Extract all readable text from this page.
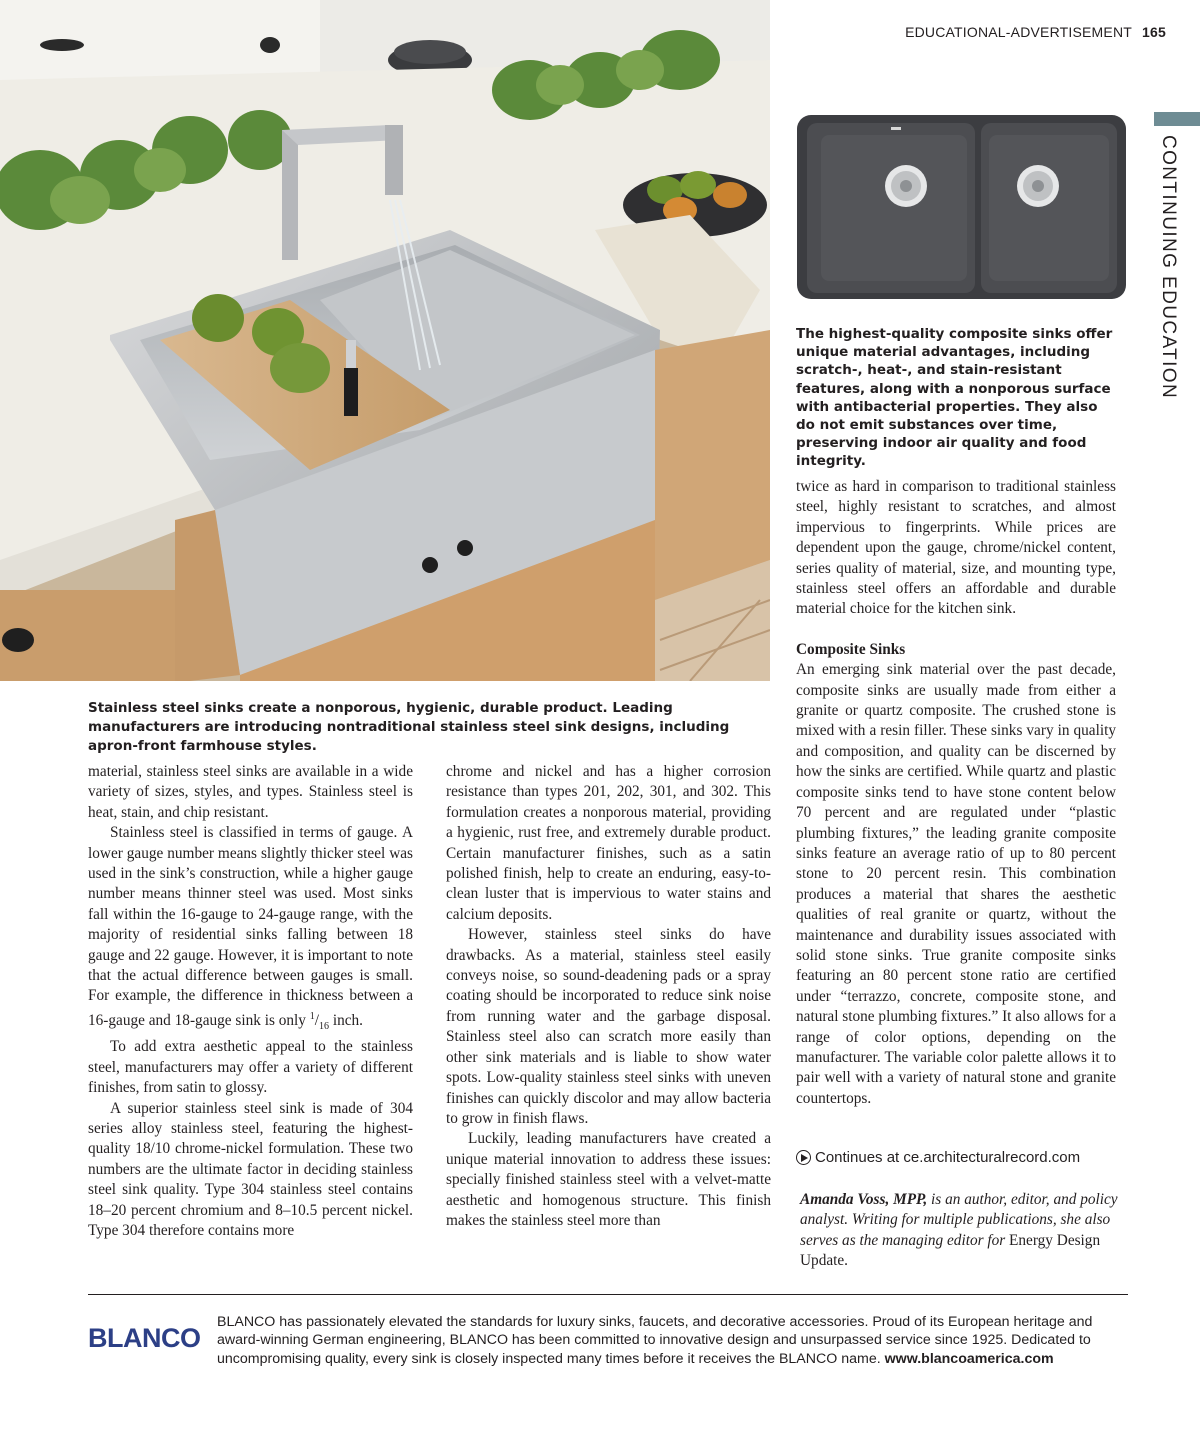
EDUCATIONAL-ADVERTISEMENT 165
CONTINUING EDUCATION
Stainless steel sinks create a nonporous, hygienic, durable product. Leading manufacturers are introducing nontraditional stainless steel sink designs, including apron-front farmhouse styles.
The highest-quality composite sinks offer unique material advantages, including scratch-, heat-, and stain-resistant features, along with a nonporous surface with antibacterial properties. They also do not emit substances over time, preserving indoor air quality and food integrity.

material, stainless steel sinks are available in a wide variety of sizes, styles, and types. Stainless steel is heat, stain, and chip resistant.

Stainless steel is classified in terms of gauge. A lower gauge number means slightly thicker steel was used in the sink’s construction, while a higher gauge number means thinner steel was used. Most sinks fall within the 16-gauge to 24-gauge range, with the majority of residential sinks falling between 18 gauge and 22 gauge. However, it is important to note that the actual difference between gauges is small. For example, the difference in thickness between a 16-gauge and 18-gauge sink is only $^1/_{16}$ inch.

To add extra aesthetic appeal to the stainless steel, manufacturers may offer a variety of different finishes, from satin to glossy.

A superior stainless steel sink is made of 304 series alloy stainless steel, featuring the highest-quality 18/10 chrome-nickel formulation. These two numbers are the ultimate factor in deciding stainless steel sink quality. Type 304 stainless steel contains 18–20 percent chromium and 8–10.5 percent nickel. Type 304 therefore contains more

chrome and nickel and has a higher corrosion resistance than types 201, 202, 301, and 302. This formulation creates a nonporous material, providing a hygienic, rust free, and extremely durable product. Certain manufacturer finishes, such as a satin polished finish, help to create an enduring, easy-to-clean luster that is impervious to water stains and calcium deposits.

However, stainless steel sinks do have drawbacks. As a material, stainless steel easily conveys noise, so sound-deadening pads or a spray coating should be incorporated to reduce sink noise from running water and the garbage disposal. Stainless steel also can scratch more easily than other sink materials and is liable to show water spots. Low-quality stainless steel sinks with uneven finishes can quickly discolor and may allow bacteria to grow in finish flaws.

Luckily, leading manufacturers have created a unique material innovation to address these issues: specially finished stainless steel with a velvet-matte aesthetic and homogenous structure. This finish makes the stainless steel more than

twice as hard in comparison to traditional stainless steel, highly resistant to scratches, and almost impervious to fingerprints. While prices are dependent upon the gauge, chrome/nickel content, series quality of material, size, and mounting type, stainless steel offers an affordable and durable material choice for the kitchen sink.

Composite Sinks

An emerging sink material over the past decade, composite sinks are usually made from either a granite or quartz composite. The crushed stone is mixed with a resin filler. These sinks vary in quality and composition, and quality can be discerned by how the sinks are certified. While quartz and plastic composite sinks tend to have stone content below 70 percent and are regulated under “plastic plumbing fixtures,” the leading granite composite sinks feature an average ratio of up to 80 percent stone to 20 percent resin. This combination produces a material that shares the aesthetic qualities of real granite or quartz, without the maintenance and durability issues associated with solid stone sinks. True granite composite sinks featuring an 80 percent stone ratio are certified under “terrazzo, concrete, composite stone, and natural stone plumbing fixtures.” It also allows for a range of color options, depending on the manufacturer. The variable color palette allows it to pair well with a variety of natural stone and granite countertops.

Continues at ce.architecturalrecord.com
Amanda Voss, MPP, is an author, editor, and policy analyst. Writing for multiple publications, she also serves as the managing editor for Energy Design Update.
BLANCO
BLANCO has passionately elevated the standards for luxury sinks, faucets, and decorative accessories. Proud of its European heritage and award-winning German engineering, BLANCO has been committed to innovative design and unsurpassed service since 1925. Dedicated to uncompromising quality, every sink is closely inspected many times before it receives the BLANCO name. www.blancoamerica.com
